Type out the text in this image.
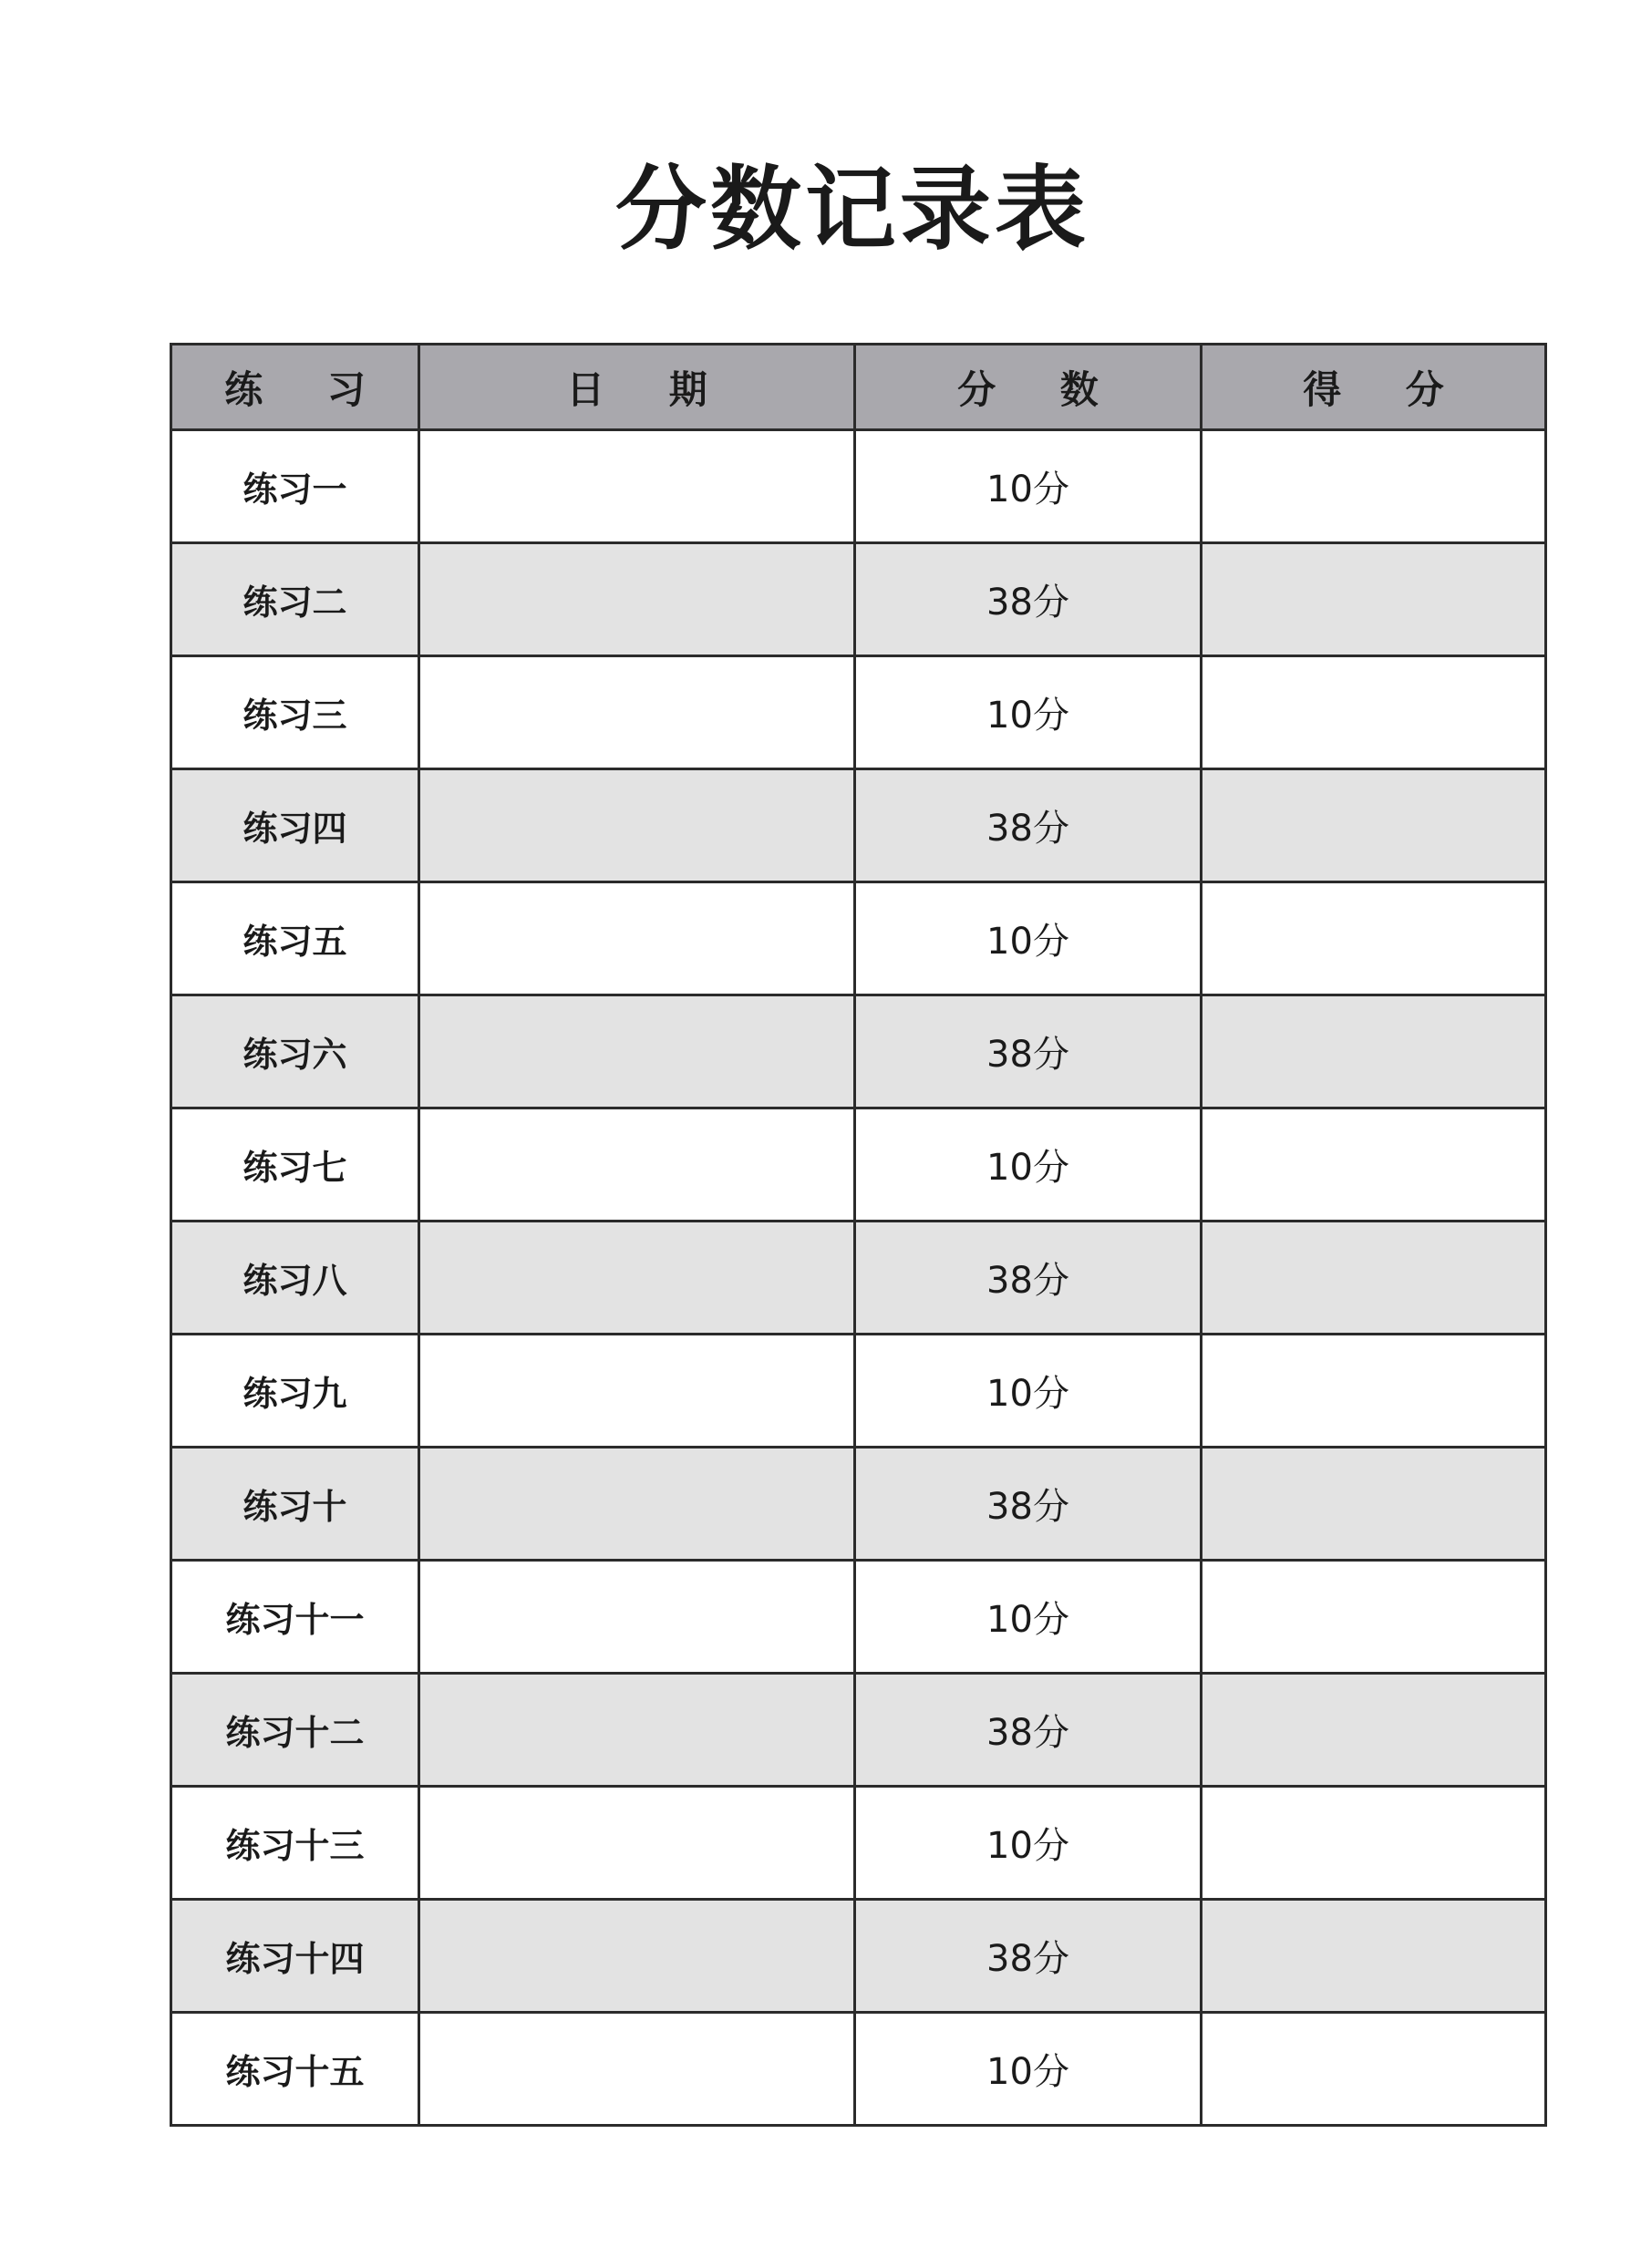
分数记录表
练 习	日 期	分 数	得 分
练习一		10分	
练习二		38分	
练习三		10分	
练习四		38分	
练习五		10分	
练习六		38分	
练习七		10分	
练习八		38分	
练习九		10分	
练习十		38分	
练习十一		10分	
练习十二		38分	
练习十三		10分	
练习十四		38分	
练习十五		10分	
